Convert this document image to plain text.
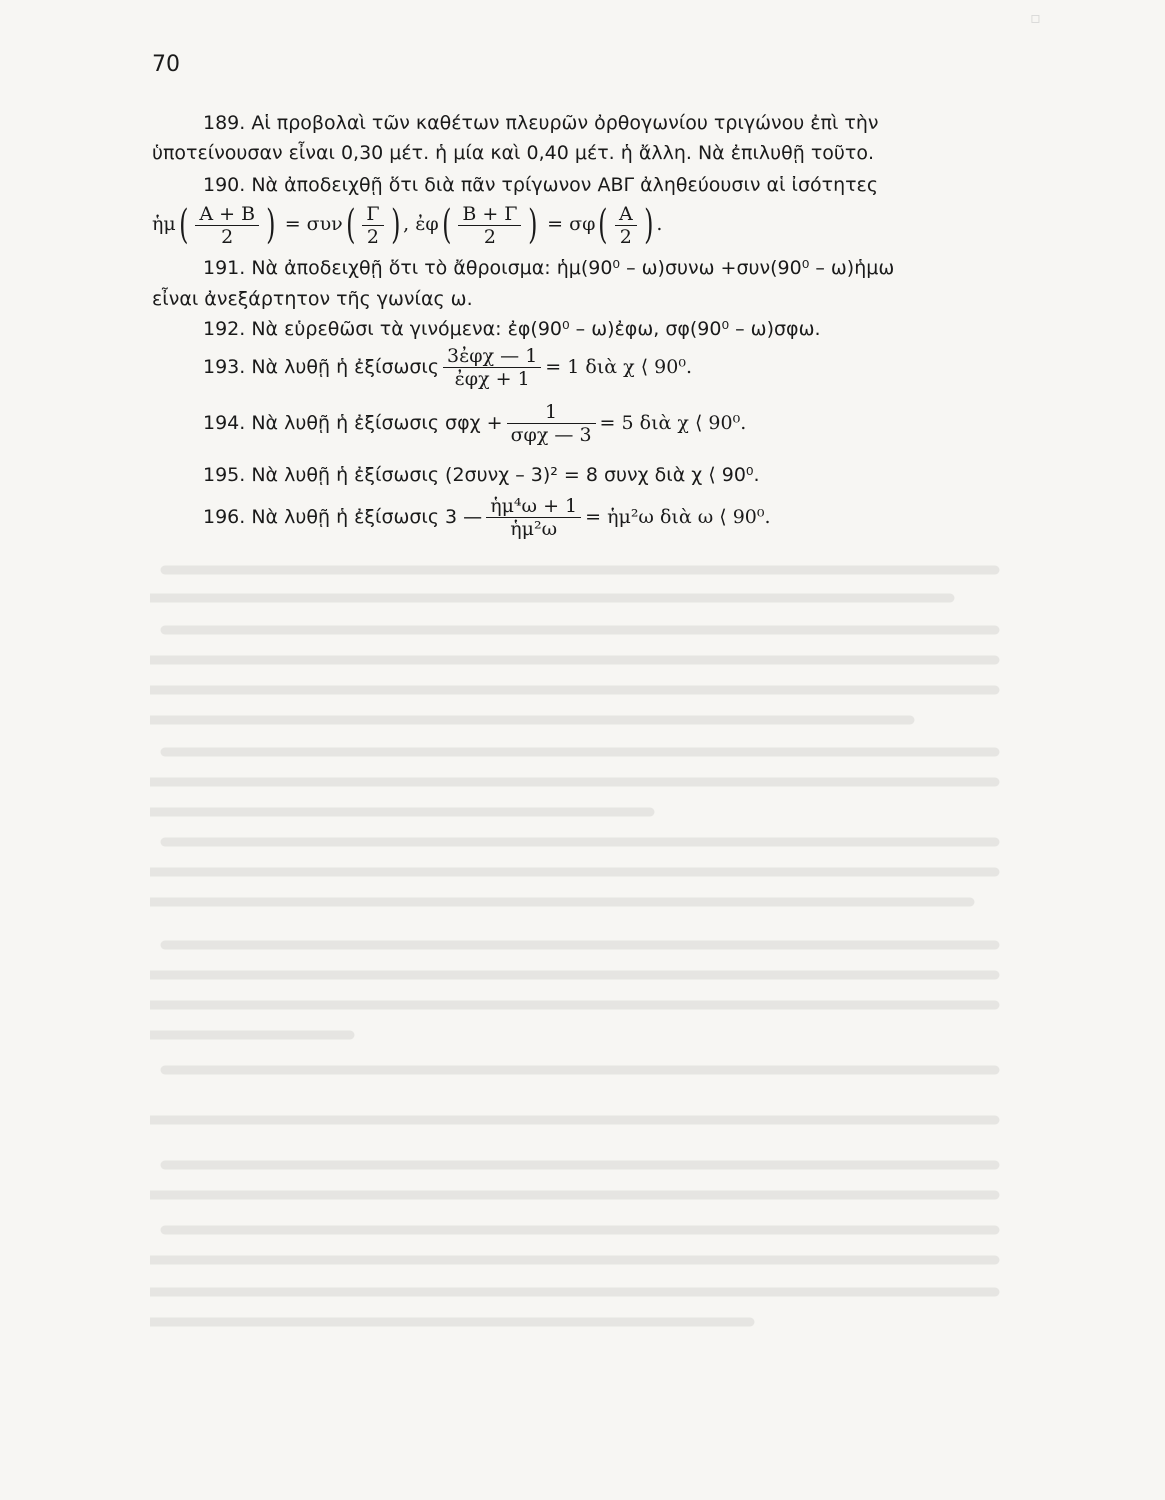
▫
70
189. Αἱ προβολαὶ τῶν καθέτων πλευρῶν ὀρθογωνίου τριγώνου ἐπὶ τὴν
ὑποτείνουσαν εἶναι 0,30 μέτ. ἡ μία καὶ 0,40 μέτ. ἡ ἄλλη. Νὰ ἐπιλυθῇ τοῦτο.
190. Νὰ ἀποδειχθῇ ὅτι διὰ πᾶν τρίγωνον ΑΒΓ ἀληθεύουσιν αἱ ἰσότητες
ἡμ( $\frac{A + B}{2}$ ) = $\sigma\upsilon\nu( \frac{\Gamma}{2}$ ) , ἐφ( $\frac{B + \Gamma}{2}$ ) = $\sigma\varphi( \frac{A}{2}$ ) .
191. Νὰ ἀποδειχθῇ ὅτι τὸ ἄθροισμα: ἡμ(90⁰ – ω)συνω +συν(90⁰ – ω)ἡμω
εἶναι ἀνεξάρτητον τῆς γωνίας ω.
192. Νὰ εὑρεθῶσι τὰ γινόμενα: ἐφ(90⁰ – ω)ἐφω, σφ(90⁰ – ω)σφω.
193. Νὰ λυθῇ ἡ ἐξίσωσις $\frac{\text{3ἐφχ — 1}}{\text{ἐφχ + 1}} = 1$ διὰ χ ⟨ 90⁰.
194. Νὰ λυθῇ ἡ ἐξίσωσις $\sigma\varphi\chi + \frac{1}{\text{σφχ — 3}} = 5$ διὰ χ ⟨ 90⁰.
195. Νὰ λυθῇ ἡ ἐξίσωσις (2συνχ – 3)² = 8 συνχ διὰ χ ⟨ 90⁰.
196. Νὰ λυθῇ ἡ ἐξίσωσις 3 — $\frac{\text{ἡμ⁴ω + 1}}{\text{ἡμ²ω}}$ = ἡμ²ω διὰ ω ⟨ 90⁰.
